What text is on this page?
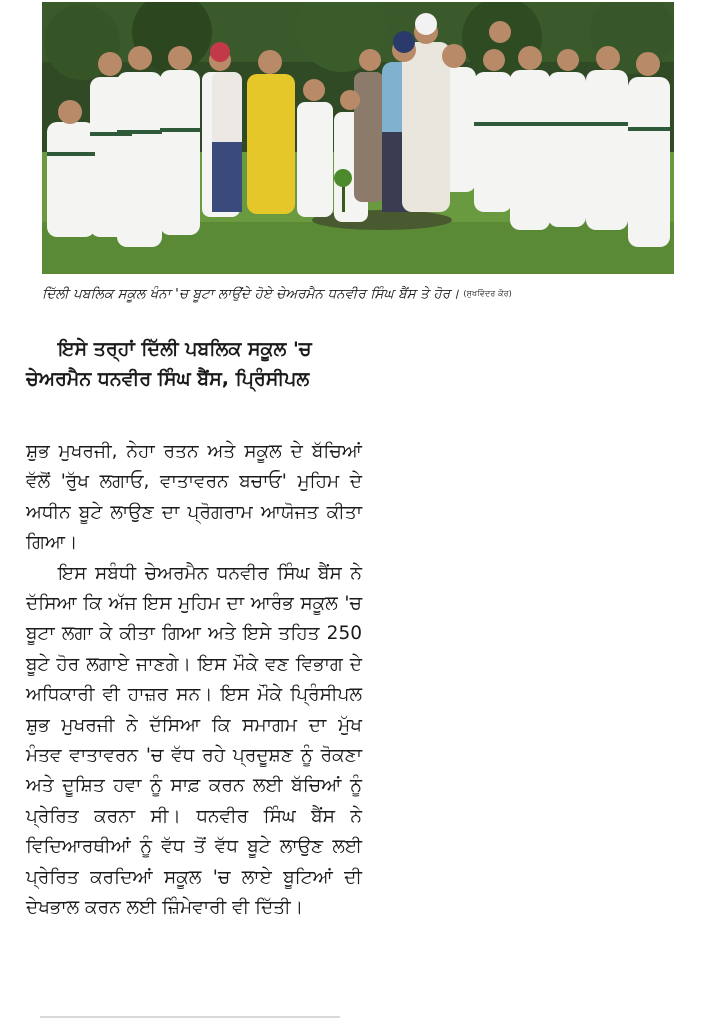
ਦਿੱਲੀ ਪਬਲਿਕ ਸਕੂਲ ਖੰਨਾ 'ਚ ਬੂਟਾ ਲਾਉਂਦੇ ਹੋਏ ਚੇਅਰਮੈਨ ਧਨਵੀਰ ਸਿੰਘ ਬੈਂਸ ਤੇ ਹੋਰ। (ਸੁਖਵਿੰਦਰ ਕੌਰ)
ਇਸੇ ਤਰ੍ਹਾਂ ਦਿੱਲੀ ਪਬਲਿਕ ਸਕੂਲ 'ਚ
ਚੇਅਰਮੈਨ ਧਨਵੀਰ ਸਿੰਘ ਬੈਂਸ, ਪ੍ਰਿੰਸੀਪਲ

ਸ਼ੁਭ ਮੁਖਰਜੀ, ਨੇਹਾ ਰਤਨ ਅਤੇ ਸਕੂਲ ਦੇ ਬੱਚਿਆਂ ਵੱਲੋਂ 'ਰੁੱਖ ਲਗਾਓ, ਵਾਤਾਵਰਨ ਬਚਾਓ' ਮੁਹਿਮ ਦੇ ਅਧੀਨ ਬੂਟੇ ਲਾਉਣ ਦਾ ਪ੍ਰੋਗਰਾਮ ਆਯੋਜਤ ਕੀਤਾ ਗਿਆ।

ਇਸ ਸਬੰਧੀ ਚੇਅਰਮੈਨ ਧਨਵੀਰ ਸਿੰਘ ਬੈਂਸ ਨੇ ਦੱਸਿਆ ਕਿ ਅੱਜ ਇਸ ਮੁਹਿਮ ਦਾ ਆਰੰਭ ਸਕੂਲ 'ਚ ਬੂਟਾ ਲਗਾ ਕੇ ਕੀਤਾ ਗਿਆ ਅਤੇ ਇਸੇ ਤਹਿਤ 250 ਬੂਟੇ ਹੋਰ ਲਗਾਏ ਜਾਣਗੇ। ਇਸ ਮੌਕੇ ਵਣ ਵਿਭਾਗ ਦੇ ਅਧਿਕਾਰੀ ਵੀ ਹਾਜ਼ਰ ਸਨ। ਇਸ ਮੌਕੇ ਪ੍ਰਿੰਸੀਪਲ ਸ਼ੁਭ ਮੁਖਰਜੀ ਨੇ ਦੱਸਿਆ ਕਿ ਸਮਾਗਮ ਦਾ ਮੁੱਖ ਮੰਤਵ ਵਾਤਾਵਰਨ 'ਚ ਵੱਧ ਰਹੇ ਪ੍ਰਦੂਸ਼ਣ ਨੂੰ ਰੋਕਣਾ ਅਤੇ ਦੂਸ਼ਿਤ ਹਵਾ ਨੂੰ ਸਾਫ਼ ਕਰਨ ਲਈ ਬੱਚਿਆਂ ਨੂੰ ਪ੍ਰੇਰਿਤ ਕਰਨਾ ਸੀ। ਧਨਵੀਰ ਸਿੰਘ ਬੈਂਸ ਨੇ ਵਿਦਿਆਰਥੀਆਂ ਨੂੰ ਵੱਧ ਤੋਂ ਵੱਧ ਬੂਟੇ ਲਾਉਣ ਲਈ ਪ੍ਰੇਰਿਤ ਕਰਦਿਆਂ ਸਕੂਲ 'ਚ ਲਾਏ ਬੂਟਿਆਂ ਦੀ ਦੇਖਭਾਲ ਕਰਨ ਲਈ ਜ਼ਿੰਮੇਵਾਰੀ ਵੀ ਦਿੱਤੀ।
